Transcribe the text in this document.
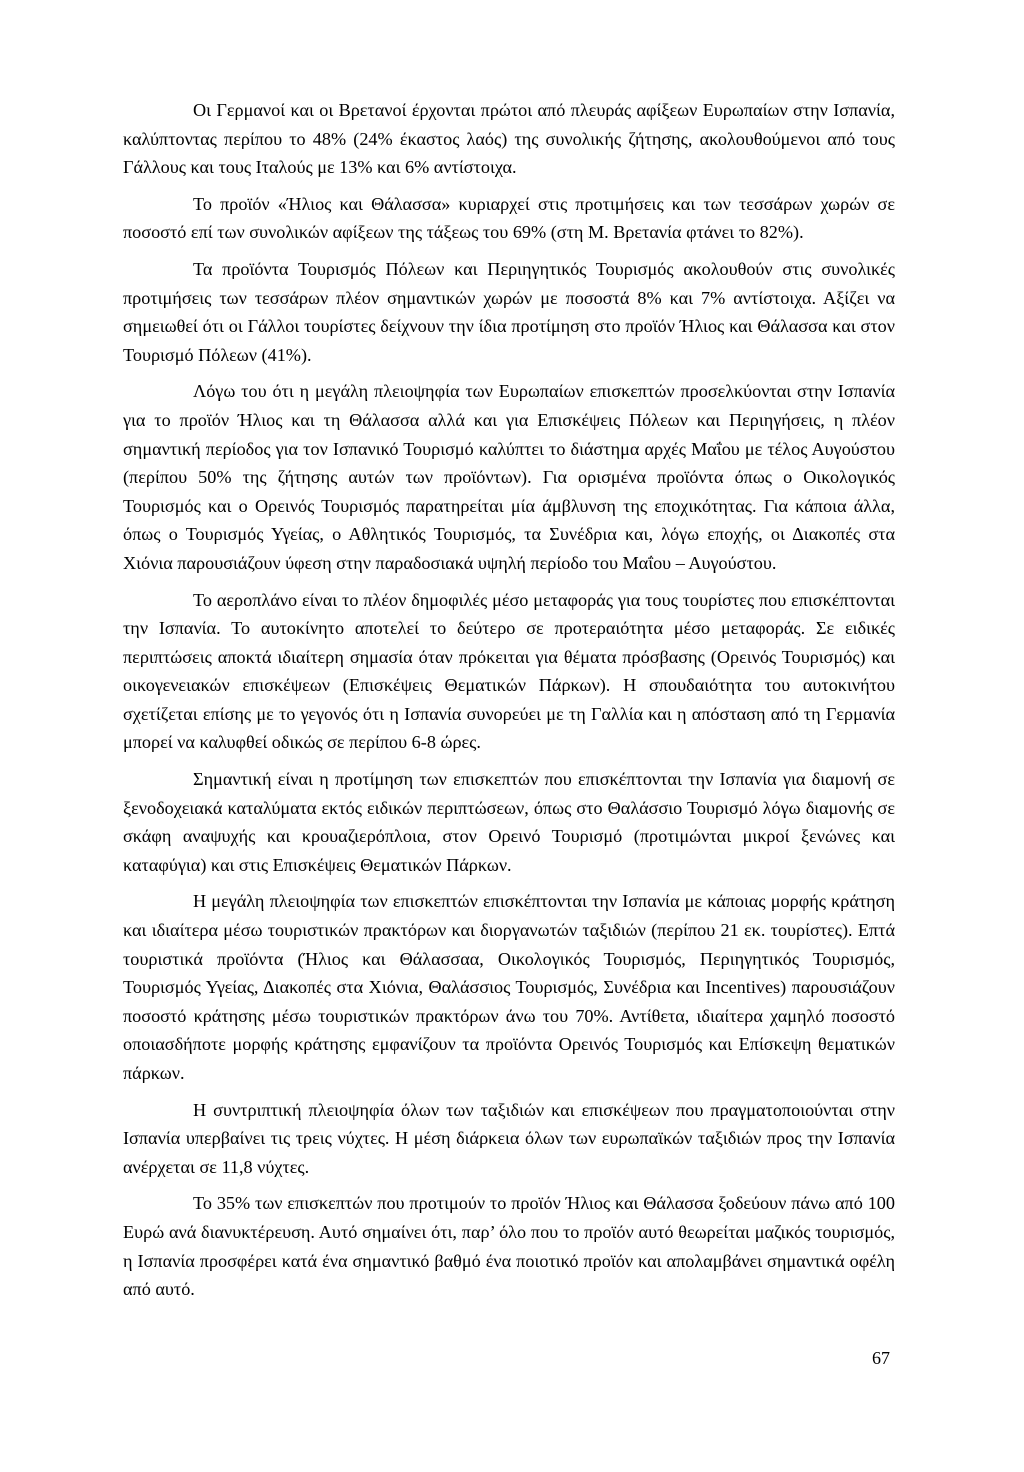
Οι Γερμανοί και οι Βρετανοί έρχονται πρώτοι από πλευράς αφίξεων Ευρωπαίων στην Ισπανία, καλύπτοντας περίπου το 48% (24% έκαστος λαός) της συνολικής ζήτησης, ακολουθούμενοι από τους Γάλλους και τους Ιταλούς με 13% και 6% αντίστοιχα.

Το προϊόν «Ήλιος και Θάλασσα» κυριαρχεί στις προτιμήσεις και των τεσσάρων χωρών σε ποσοστό επί των συνολικών αφίξεων της τάξεως του 69% (στη Μ. Βρετανία φτάνει το 82%).

Τα προϊόντα Τουρισμός Πόλεων και Περιηγητικός Τουρισμός ακολουθούν στις συνολικές προτιμήσεις των τεσσάρων πλέον σημαντικών χωρών με ποσοστά 8% και 7% αντίστοιχα. Αξίζει να σημειωθεί ότι οι Γάλλοι τουρίστες δείχνουν την ίδια προτίμηση στο προϊόν Ήλιος και Θάλασσα και στον Τουρισμό Πόλεων (41%).

Λόγω του ότι η μεγάλη πλειοψηφία των Ευρωπαίων επισκεπτών προσελκύονται στην Ισπανία για το προϊόν Ήλιος και τη Θάλασσα αλλά και για Επισκέψεις Πόλεων και Περιηγήσεις, η πλέον σημαντική περίοδος για τον Ισπανικό Τουρισμό καλύπτει το διάστημα αρχές Μαΐου με τέλος Αυγούστου (περίπου 50% της ζήτησης αυτών των προϊόντων). Για ορισμένα προϊόντα όπως ο Οικολογικός Τουρισμός και ο Ορεινός Τουρισμός παρατηρείται μία άμβλυνση της εποχικότητας. Για κάποια άλλα, όπως ο Τουρισμός Υγείας, ο Αθλητικός Τουρισμός, τα Συνέδρια και, λόγω εποχής, οι Διακοπές στα Χιόνια παρουσιάζουν ύφεση στην παραδοσιακά υψηλή περίοδο του Μαΐου – Αυγούστου.

Το αεροπλάνο είναι το πλέον δημοφιλές μέσο μεταφοράς για τους τουρίστες που επισκέπτονται την Ισπανία. Το αυτοκίνητο αποτελεί το δεύτερο σε προτεραιότητα μέσο μεταφοράς. Σε ειδικές περιπτώσεις αποκτά ιδιαίτερη σημασία όταν πρόκειται για θέματα πρόσβασης (Ορεινός Τουρισμός) και οικογενειακών επισκέψεων (Επισκέψεις Θεματικών Πάρκων). Η σπουδαιότητα του αυτοκινήτου σχετίζεται επίσης με το γεγονός ότι η Ισπανία συνορεύει με τη Γαλλία και η απόσταση από τη Γερμανία μπορεί να καλυφθεί οδικώς σε περίπου 6-8 ώρες.

Σημαντική είναι η προτίμηση των επισκεπτών που επισκέπτονται την Ισπανία για διαμονή σε ξενοδοχειακά καταλύματα εκτός ειδικών περιπτώσεων, όπως στο Θαλάσσιο Τουρισμό λόγω διαμονής σε σκάφη αναψυχής και κρουαζιερόπλοια, στον Ορεινό Τουρισμό (προτιμώνται μικροί ξενώνες και καταφύγια) και στις Επισκέψεις Θεματικών Πάρκων.

Η μεγάλη πλειοψηφία των επισκεπτών επισκέπτονται την Ισπανία με κάποιας μορφής κράτηση και ιδιαίτερα μέσω τουριστικών πρακτόρων και διοργανωτών ταξιδιών (περίπου 21 εκ. τουρίστες). Επτά τουριστικά προϊόντα (Ήλιος και Θάλασσαα, Οικολογικός Τουρισμός, Περιηγητικός Τουρισμός, Τουρισμός Υγείας, Διακοπές στα Χιόνια, Θαλάσσιος Τουρισμός, Συνέδρια και Incentives) παρουσιάζουν ποσοστό κράτησης μέσω τουριστικών πρακτόρων άνω του 70%. Αντίθετα, ιδιαίτερα χαμηλό ποσοστό οποιασδήποτε μορφής κράτησης εμφανίζουν τα προϊόντα Ορεινός Τουρισμός και Επίσκεψη θεματικών πάρκων.

Η συντριπτική πλειοψηφία όλων των ταξιδιών και επισκέψεων που πραγματοποιούνται στην Ισπανία υπερβαίνει τις τρεις νύχτες. Η μέση διάρκεια όλων των ευρωπαϊκών ταξιδιών προς την Ισπανία ανέρχεται σε 11,8 νύχτες.

Το 35% των επισκεπτών που προτιμούν το προϊόν Ήλιος και Θάλασσα ξοδεύουν πάνω από 100 Ευρώ ανά διανυκτέρευση. Αυτό σημαίνει ότι, παρ’ όλο που το προϊόν αυτό θεωρείται μαζικός τουρισμός, η Ισπανία προσφέρει κατά ένα σημαντικό βαθμό ένα ποιοτικό προϊόν και απολαμβάνει σημαντικά οφέλη από αυτό.

67
